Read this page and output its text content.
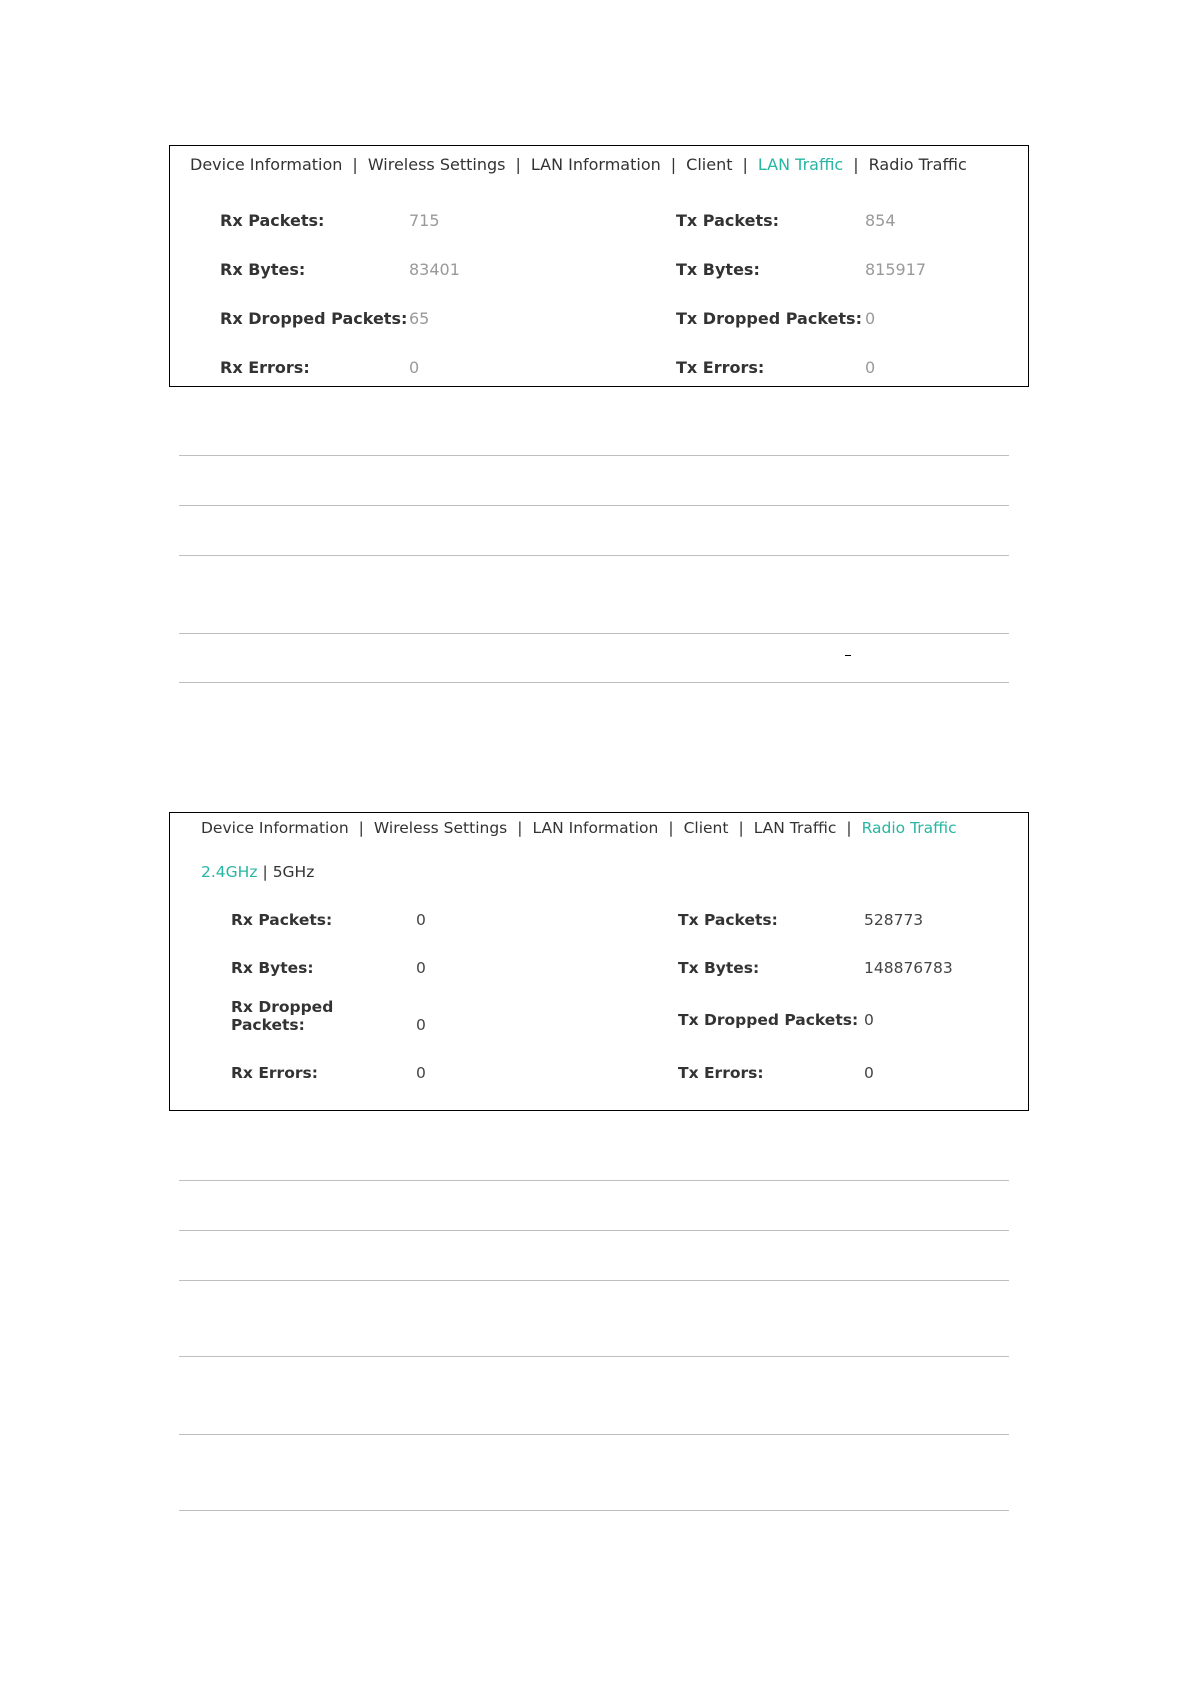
Device Information | Wireless Settings | LAN Information | Client | LAN Traffic | Radio Traffic
Rx Packets:	715	Tx Packets:	854
Rx Bytes:	83401	Tx Bytes:	815917
Rx Dropped Packets: 65	Tx Dropped Packets: 0
Rx Errors:	0	Tx Errors:	0
Device Information | Wireless Settings | LAN Information | Client | LAN Traffic | Radio Traffic
2.4GHz | 5GHz
Rx Packets:	0	Tx Packets:	528773
Rx Bytes:	0	Tx Bytes:	148876783
Rx Dropped
Packets:	0	Tx Dropped Packets: 0
Rx Errors:	0	Tx Errors:	0
